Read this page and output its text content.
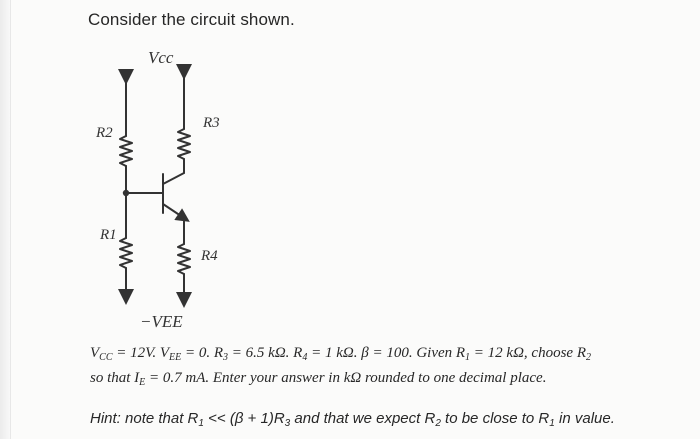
Consider the circuit shown.
Vcc
R2
R3
R1
R4
−VEE
$V_{CC} = 12V$. $V_{EE} = 0$. $R_3 = 6.5$ kΩ. $R_4 = 1$ kΩ. β = 100. Given $R_1 = 12$ kΩ, choose $R_2$
so that $I_E = 0.7$ mA. Enter your answer in kΩ rounded to one decimal place.
Hint: note that $R_1 << (\beta + 1)R_3$ and that we expect $R_2$ to be close to $R_1$ in value.
